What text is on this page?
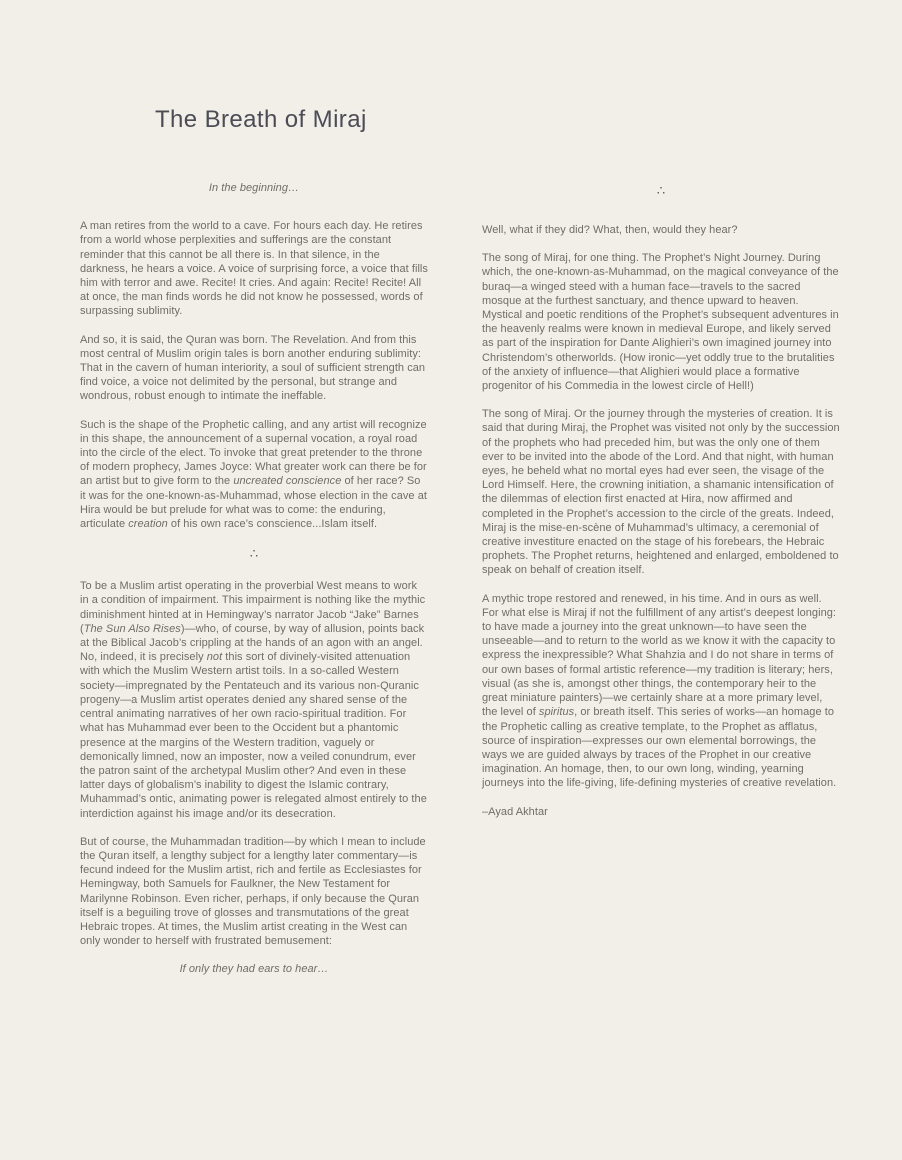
The Breath of Miraj
In the beginning…

A man retires from the world to a cave. For hours each day. He retires from a world whose perplexities and sufferings are the constant reminder that this cannot be all there is. In that silence, in the darkness, he hears a voice. A voice of surprising force, a voice that fills him with terror and awe. Recite! It cries. And again: Recite! Recite! All at once, the man finds words he did not know he possessed, words of surpassing sublimity.

And so, it is said, the Quran was born. The Revelation. And from this most central of Muslim origin tales is born another enduring sublimity: That in the cavern of human interiority, a soul of sufficient strength can find voice, a voice not delimited by the personal, but strange and wondrous, robust enough to intimate the ineffable.

Such is the shape of the Prophetic calling, and any artist will recognize in this shape, the announcement of a supernal vocation, a royal road into the circle of the elect. To invoke that great pretender to the throne of modern prophecy, James Joyce: What greater work can there be for an artist but to give form to the uncreated conscience of her race? So it was for the one-known-as-Muhammad, whose election in the cave at Hira would be but prelude for what was to come: the enduring, articulate creation of his own race’s conscience...Islam itself.

∴

To be a Muslim artist operating in the proverbial West means to work in a condition of impairment. This impairment is nothing like the mythic diminishment hinted at in Hemingway’s narrator Jacob “Jake” Barnes (The Sun Also Rises)—who, of course, by way of allusion, points back at the Biblical Jacob’s crippling at the hands of an agon with an angel. No, indeed, it is precisely not this sort of divinely-visited attenuation with which the Muslim Western artist toils. In a so-called Western society—impregnated by the Pentateuch and its various non-Quranic progeny—a Muslim artist operates denied any shared sense of the central animating narratives of her own racio-spiritual tradition. For what has Muhammad ever been to the Occident but a phantomic presence at the margins of the Western tradition, vaguely or demonically limned, now an imposter, now a veiled conundrum, ever the patron saint of the archetypal Muslim other? And even in these latter days of globalism’s inability to digest the Islamic contrary, Muhammad’s ontic, animating power is relegated almost entirely to the interdiction against his image and/or its desecration.

But of course, the Muhammadan tradition—by which I mean to include the Quran itself, a lengthy subject for a lengthy later commentary—is fecund indeed for the Muslim artist, rich and fertile as Ecclesiastes for Hemingway, both Samuels for Faulkner, the New Testament for Marilynne Robinson. Even richer, perhaps, if only because the Quran itself is a beguiling trove of glosses and transmutations of the great Hebraic tropes. At times, the Muslim artist creating in the West can only wonder to herself with frustrated bemusement:

If only they had ears to hear…
∴

Well, what if they did? What, then, would they hear?

The song of Miraj, for one thing. The Prophet’s Night Journey. During which, the one-known-as-Muhammad, on the magical conveyance of the buraq—a winged steed with a human face—travels to the sacred mosque at the furthest sanctuary, and thence upward to heaven. Mystical and poetic renditions of the Prophet’s subsequent adventures in the heavenly realms were known in medieval Europe, and likely served as part of the inspiration for Dante Alighieri’s own imagined journey into Christendom’s otherworlds. (How ironic—yet oddly true to the brutalities of the anxiety of influence—that Alighieri would place a formative progenitor of his Commedia in the lowest circle of Hell!)

The song of Miraj. Or the journey through the mysteries of creation. It is said that during Miraj, the Prophet was visited not only by the succession of the prophets who had preceded him, but was the only one of them ever to be invited into the abode of the Lord. And that night, with human eyes, he beheld what no mortal eyes had ever seen, the visage of the Lord Himself. Here, the crowning initiation, a shamanic intensification of the dilemmas of election first enacted at Hira, now affirmed and completed in the Prophet’s accession to the circle of the greats. Indeed, Miraj is the mise-en-scène of Muhammad’s ultimacy, a ceremonial of creative investiture enacted on the stage of his forebears, the Hebraic prophets. The Prophet returns, heightened and enlarged, emboldened to speak on behalf of creation itself.

A mythic trope restored and renewed, in his time. And in ours as well. For what else is Miraj if not the fulfillment of any artist’s deepest longing: to have made a journey into the great unknown—to have seen the unseeable—and to return to the world as we know it with the capacity to express the inexpressible? What Shahzia and I do not share in terms of our own bases of formal artistic reference—my tradition is literary; hers, visual (as she is, amongst other things, the contemporary heir to the great miniature painters)—we certainly share at a more primary level, the level of spiritus, or breath itself. This series of works—an homage to the Prophetic calling as creative template, to the Prophet as afflatus, source of inspiration—expresses our own elemental borrowings, the ways we are guided always by traces of the Prophet in our creative imagination. An homage, then, to our own long, winding, yearning journeys into the life-giving, life-defining mysteries of creative revelation.

–Ayad Akhtar
